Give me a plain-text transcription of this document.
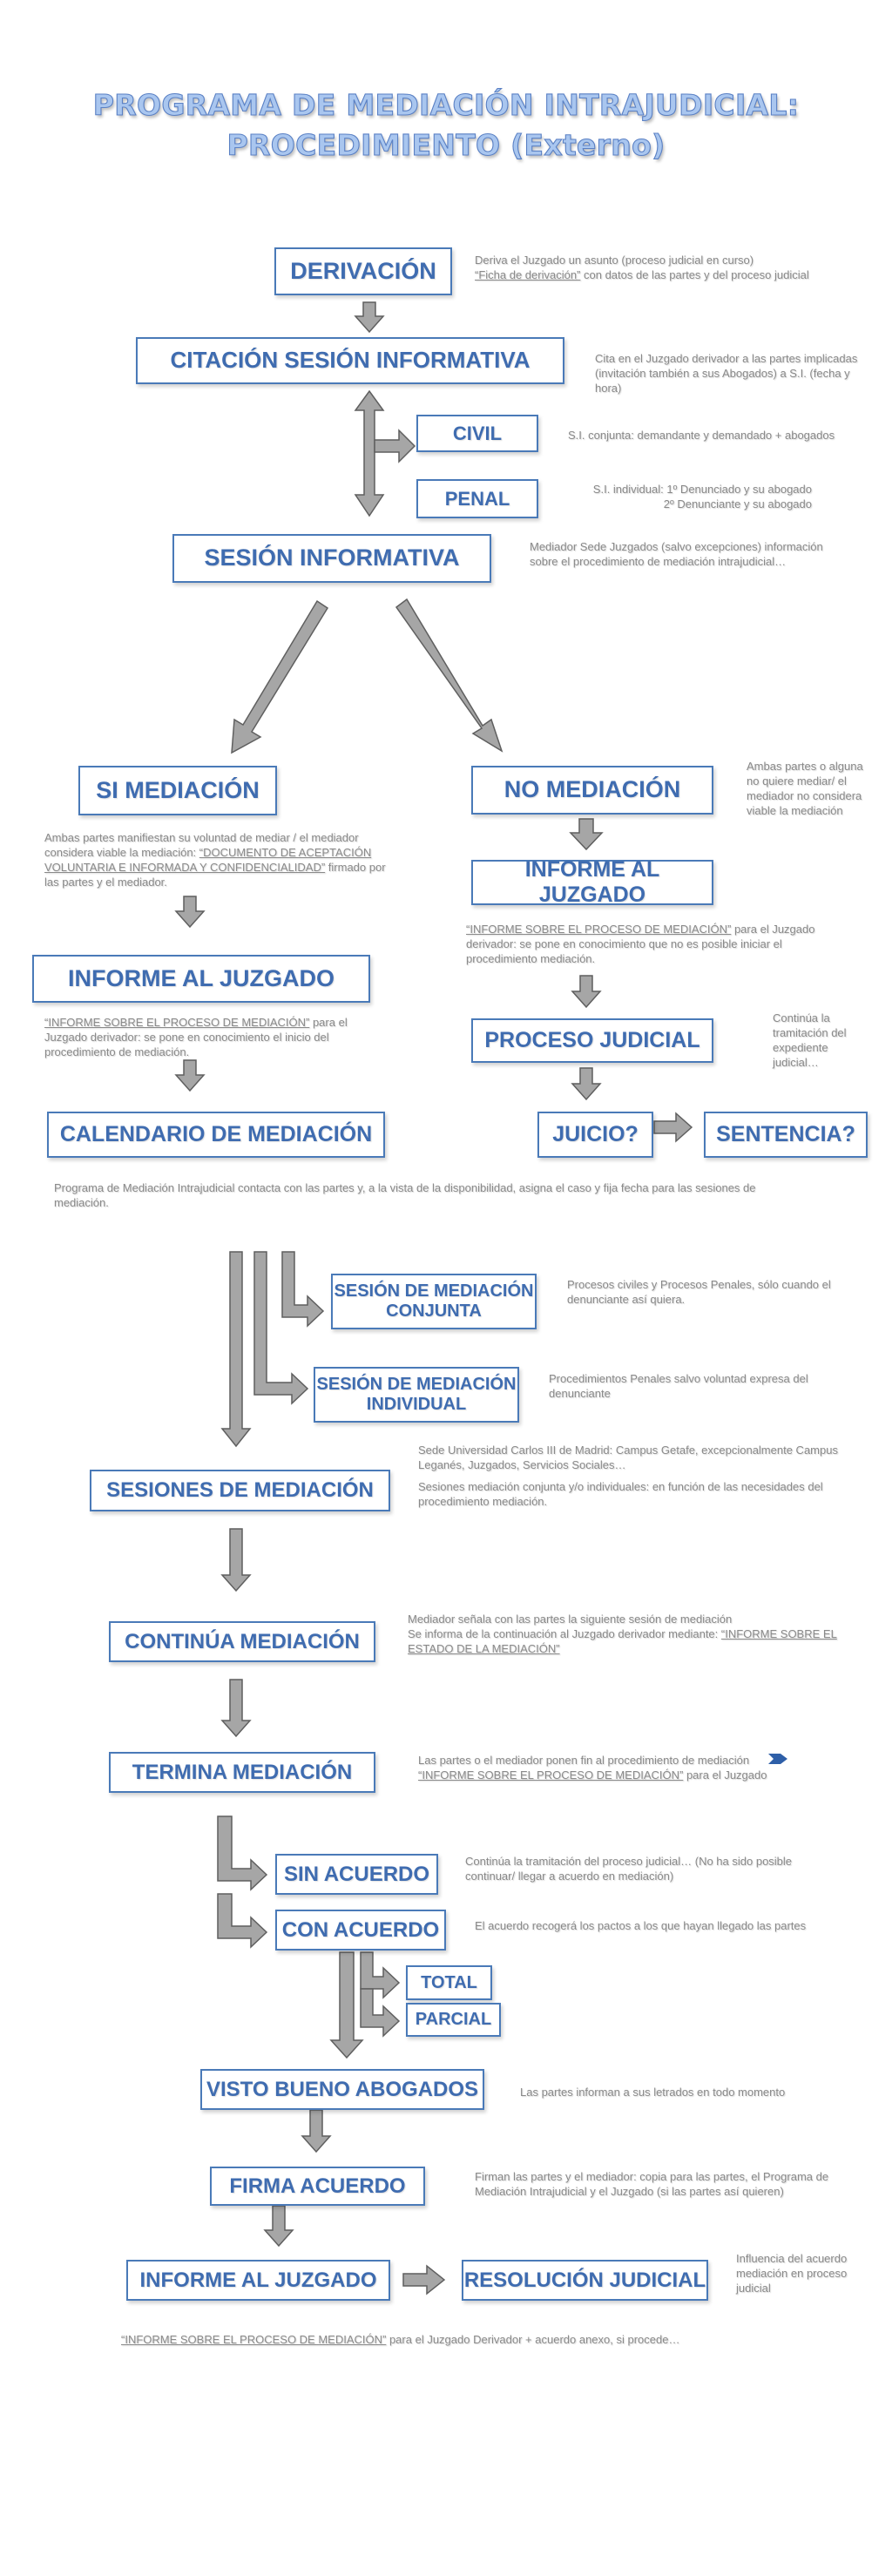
PROGRAMA DE MEDIACIÓN INTRAJUDICIAL:
PROCEDIMIENTO (Externo)
DERIVACIÓN
CITACIÓN SESIÓN INFORMATIVA
CIVIL
PENAL
SESIÓN INFORMATIVA
SI MEDIACIÓN	NO MEDIACIÓN
INFORME AL JUZGADO
INFORME AL JUZGADO
PROCESO JUDICIAL
JUICIO?	SENTENCIA?
CALENDARIO DE MEDIACIÓN
SESIÓN DE MEDIACIÓN
CONJUNTA
SESIÓN DE MEDIACIÓN
INDIVIDUAL
SESIONES DE MEDIACIÓN
CONTINÚA MEDIACIÓN
TERMINA MEDIACIÓN
SIN ACUERDO
CON ACUERDO
TOTAL
PARCIAL
VISTO BUENO ABOGADOS
FIRMA ACUERDO
INFORME AL JUZGADO	RESOLUCIÓN JUDICIAL
Deriva el Juzgado un asunto (proceso judicial en curso)
“Ficha de derivación” con datos de las partes y del proceso judicial
Cita en el Juzgado derivador a las partes implicadas (invitación también a sus Abogados) a S.I. (fecha y hora)
S.I. conjunta: demandante y demandado + abogados
S.I. individual: 1º Denunciado y su abogado
2º Denunciante y su abogado
Mediador Sede Juzgados (salvo excepciones) información sobre el procedimiento de mediación intrajudicial…
Ambas partes o alguna no quiere mediar/ el mediador no considera viable la mediación
Ambas partes manifiestan su voluntad de mediar / el mediador considera viable la mediación: “DOCUMENTO DE ACEPTACIÓN VOLUNTARIA E INFORMADA Y CONFIDENCIALIDAD” firmado por las partes y el mediador.
“INFORME SOBRE EL PROCESO DE MEDIACIÓN” para el Juzgado derivador: se pone en conocimiento que no es posible iniciar el procedimiento mediación.
“INFORME SOBRE EL PROCESO DE MEDIACIÓN” para el Juzgado derivador: se pone en conocimiento el inicio del procedimiento de mediación.
Continúa la tramitación del expediente judicial…
Programa de Mediación Intrajudicial contacta con las partes y, a la vista de la disponibilidad, asigna el caso y fija fecha para las sesiones de mediación.
Procesos civiles y Procesos Penales, sólo cuando el denunciante así quiera.
Procedimientos Penales salvo voluntad expresa del denunciante
Sede Universidad Carlos III de Madrid: Campus Getafe, excepcionalmente Campus Leganés, Juzgados, Servicios Sociales…
Sesiones mediación conjunta y/o individuales: en función de las necesidades del procedimiento mediación.
Mediador señala con las partes la siguiente sesión de mediación
Se informa de la continuación al Juzgado derivador mediante: “INFORME SOBRE EL ESTADO DE LA MEDIACIÓN”
Las partes o el mediador ponen fin al procedimiento de mediación
“INFORME SOBRE EL PROCESO DE MEDIACIÓN” para el Juzgado
Continúa la tramitación del proceso judicial… (No ha sido posible continuar/ llegar a acuerdo en mediación)
El acuerdo recogerá los pactos a los que hayan llegado las partes
Las partes informan a sus letrados en todo momento
Firman las partes y el mediador: copia para las partes, el Programa de Mediación Intrajudicial y el Juzgado (si las partes así quieren)
Influencia del acuerdo mediación en proceso judicial
“INFORME SOBRE EL PROCESO DE MEDIACIÓN” para el Juzgado Derivador + acuerdo anexo, si procede…
